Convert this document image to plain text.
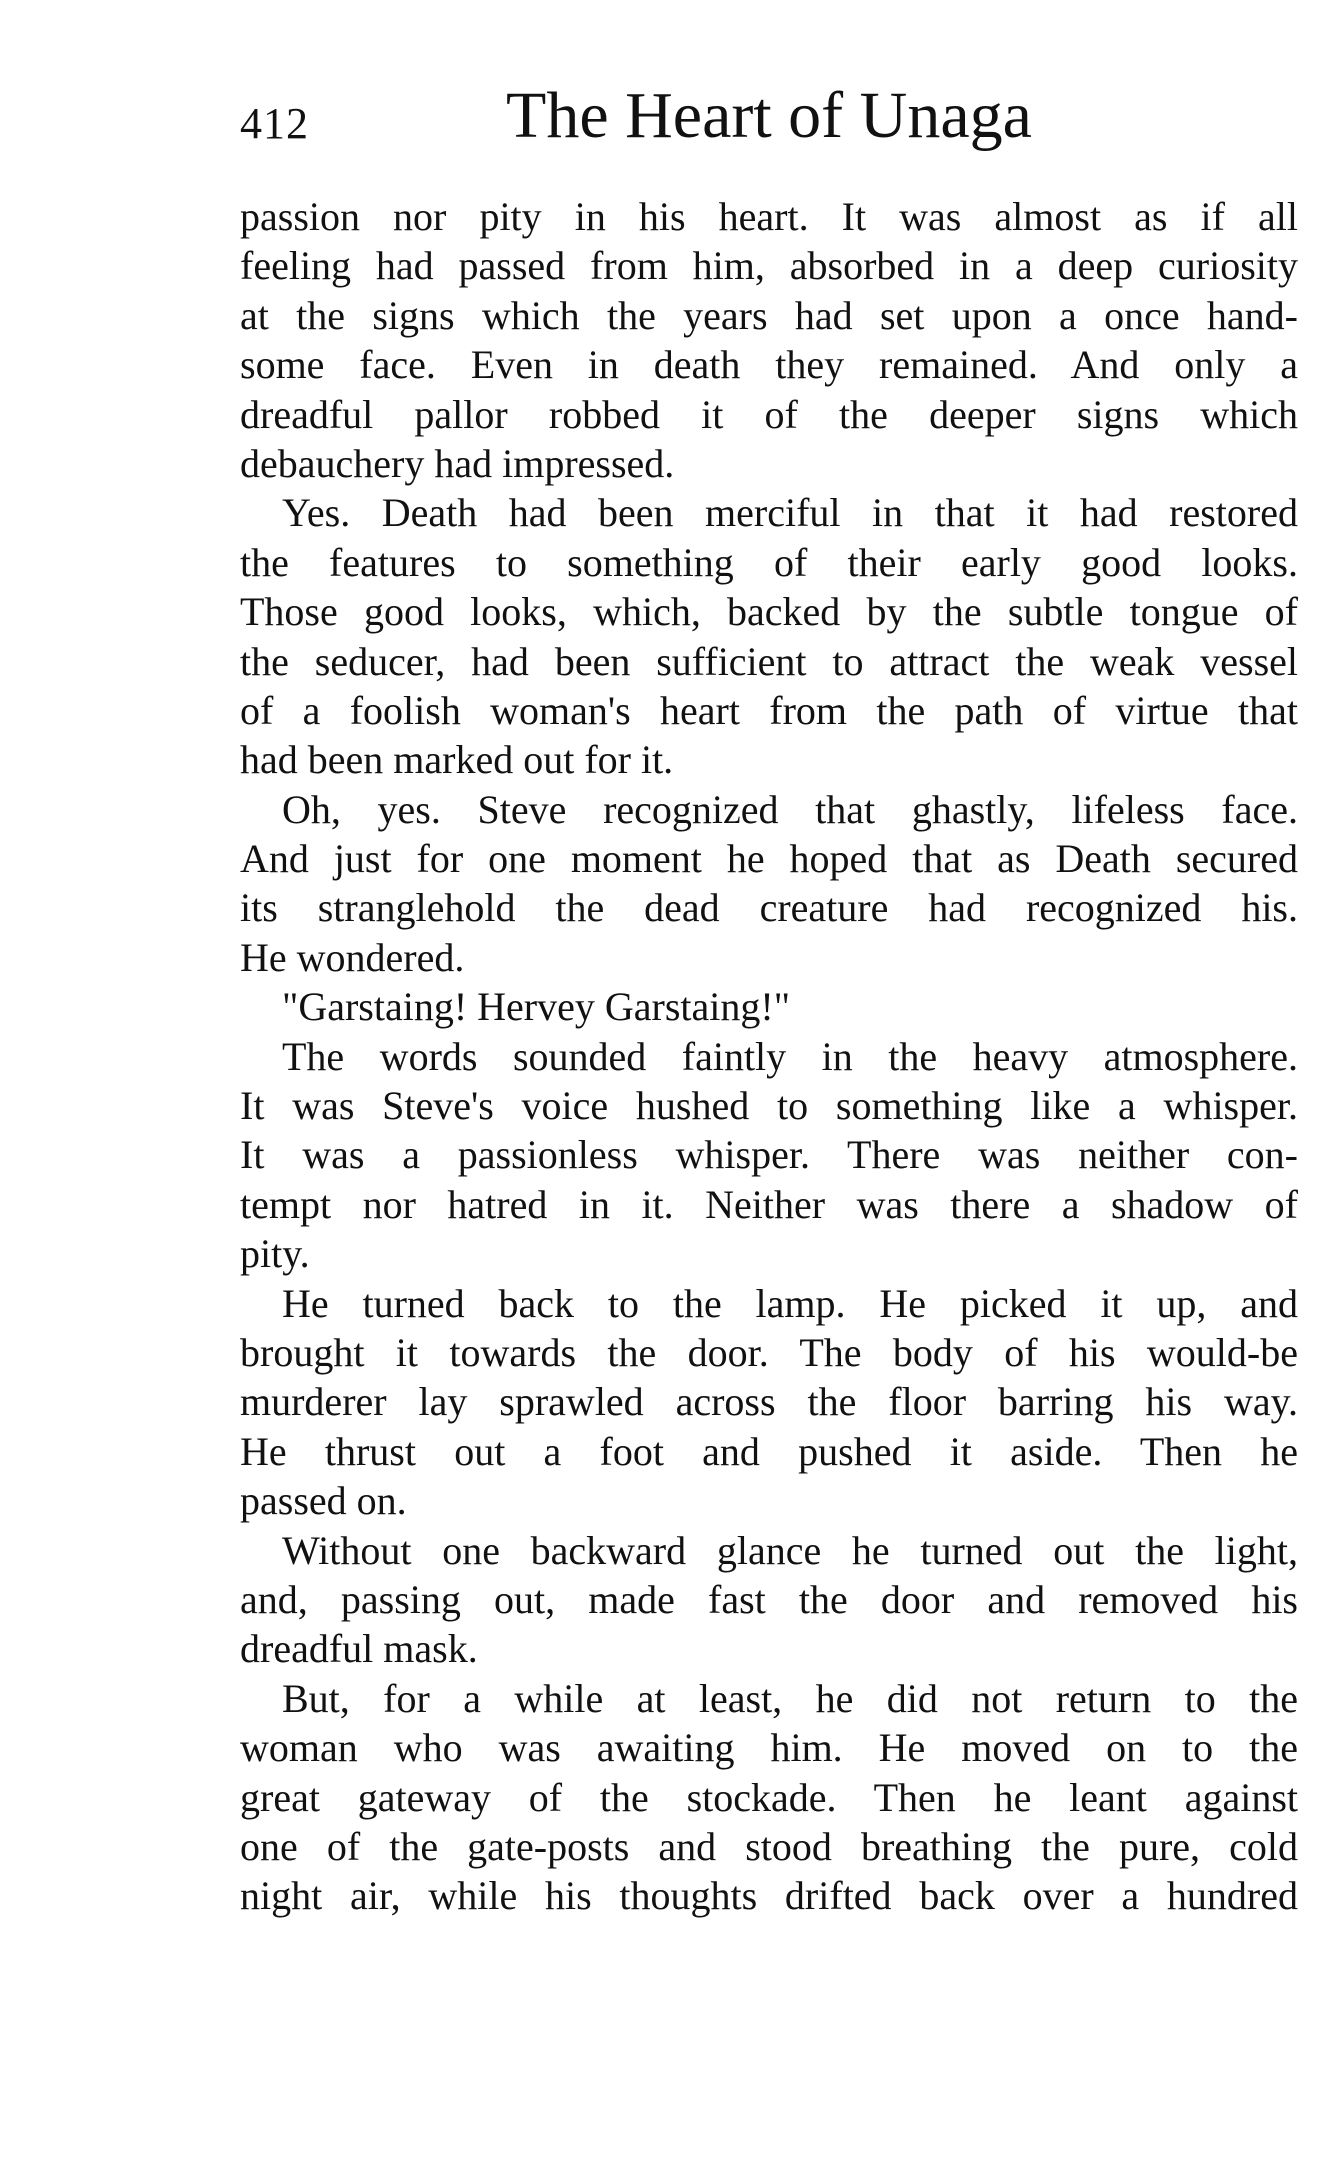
412	The Heart of Unaga
passion nor pity in his heart. It was almost as if all
feeling had passed from him, absorbed in a deep curiosity
at the signs which the years had set upon a once hand-
some face. Even in death they remained. And only a
dreadful pallor robbed it of the deeper signs which
debauchery had impressed.
Yes. Death had been merciful in that it had restored
the features to something of their early good looks.
Those good looks, which, backed by the subtle tongue of
the seducer, had been sufficient to attract the weak vessel
of a foolish woman's heart from the path of virtue that
had been marked out for it.
Oh, yes. Steve recognized that ghastly, lifeless face.
And just for one moment he hoped that as Death secured
its stranglehold the dead creature had recognized his.
He wondered.
"Garstaing! Hervey Garstaing!"
The words sounded faintly in the heavy atmosphere.
It was Steve's voice hushed to something like a whisper.
It was a passionless whisper. There was neither con-
tempt nor hatred in it. Neither was there a shadow of
pity.
He turned back to the lamp. He picked it up, and
brought it towards the door. The body of his would-be
murderer lay sprawled across the floor barring his way.
He thrust out a foot and pushed it aside. Then he
passed on.
Without one backward glance he turned out the light,
and, passing out, made fast the door and removed his
dreadful mask.
But, for a while at least, he did not return to the
woman who was awaiting him. He moved on to the
great gateway of the stockade. Then he leant against
one of the gate-posts and stood breathing the pure, cold
night air, while his thoughts drifted back over a hundred
